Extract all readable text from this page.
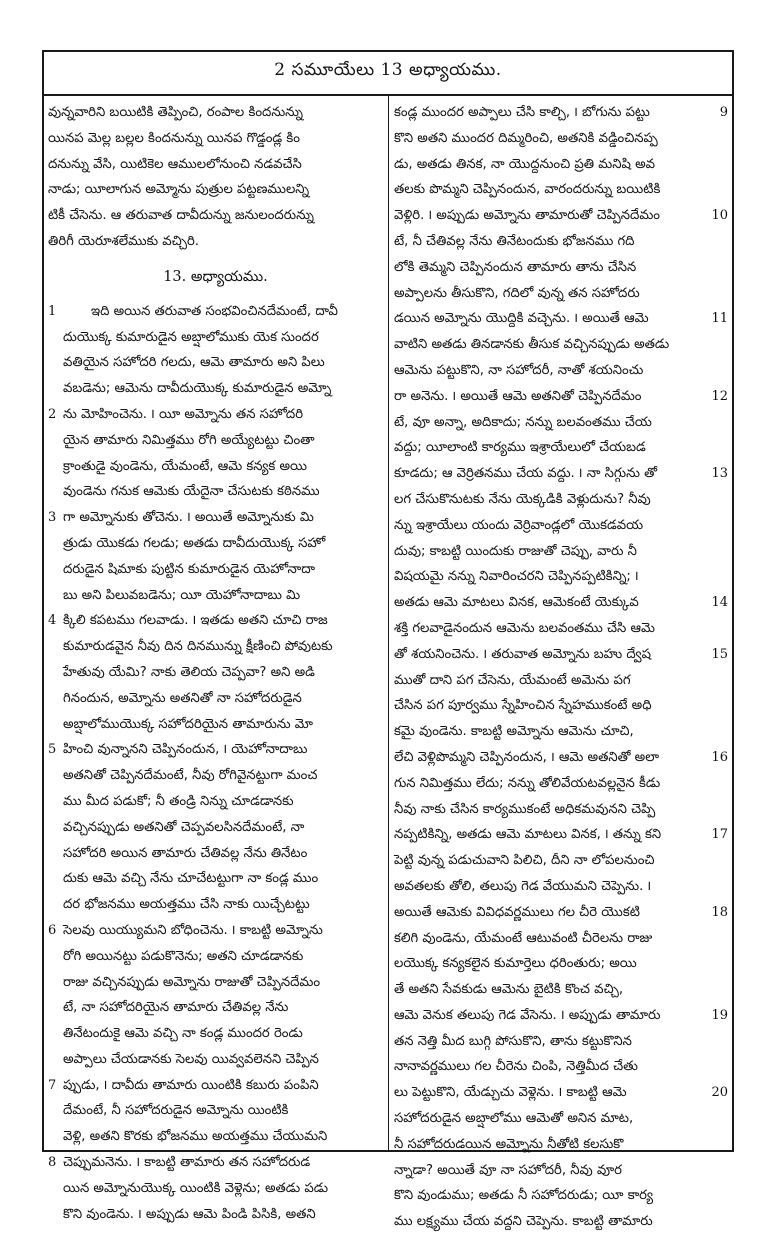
2 సమూయేలు 13 అధ్యాయము.
వున్నవారిని బయిటికి తెప్పించి, రంపాల కిందనున్ను
యినప మెల్ల బల్లల కిందనున్ను యినప గొడ్డండ్ల కిం
దనున్ను వేసి, యిటికెల ఆములలోనుంచి నడవచేసి
నాడు; యీలాగున అమ్మోను పుత్రుల పట్టణములన్ని
టికీ చేసెను. ఆ తరువాత దావీదున్ను జనులందరున్ను
తిరిగీ యెరూశలేముకు వచ్చిరి.
13. అధ్యాయము.
1	ఇది అయిన తరువాత సంభవించినదేమంటే, దావీ
దుయొక్క కుమారుడైన అబ్షాలోముకు యెక సుందర
వతియైన సహోదరి గలదు, ఆమె తామారు అని పిలు
వబడెను; ఆమెను దావీదుయొక్క కుమారుడైన అమ్నో
2 ను మోహించెను. ౹ యీ అమ్నోను తన సహోదరి
యైన తామారు నిమిత్తము రోగి అయ్యేటట్టు చింతా
క్రాంతుడై వుండెను, యేమంటే, ఆమె కన్యక అయి
వుండెను గనుక ఆమెకు యేదైనా చేసుటకు కఠినము
3 గా అమ్నోనుకు తోచెను. ౹ అయితే అమ్నోనుకు మి
త్రుడు యొకడు గలడు; అతడు దావీదుయొక్క సహో
దరుడైన షిమాకు పుట్టిన కుమారుడైన యెహోనాదా
బు అని పిలువబడెను; యీ యెహోనాదాబు మి
4 క్కిలి కపటము గలవాడు. ౹ ఇతడు అతని చూచి రాజ
కుమారుడవైన నీవు దిన దినమున్ను క్షీణించి పోవుటకు
హేతువు యేమి? నాకు తెలియ చెప్పవా? అని అడి
గినందున, అమ్నోను అతనితో నా సహోదరుడైన
అబ్షాలోముయొక్క సహోదరియైన తామారును మో
5 హించి వున్నానని చెప్పినందున, ౹ యెహోనాదాబు
అతనితో చెప్పినదేమంటే, నీవు రోగివైనట్టుగా మంచ
ము మీద పడుకో; నీ తండ్రి నిన్ను చూడడానకు
వచ్చినప్పుడు అతనితో చెప్పవలసినదేమంటే, నా
సహోదరి అయిన తామారు చేతివల్ల నేను తినేటం
దుకు ఆమె వచ్చి నేను చూచేటట్టుగా నా కండ్ల ముం
దర భోజనము అయత్తము చేసి నాకు యిచ్చేటట్టు
6 సెలవు యియ్యుమని బోధించెను. ౹ కాబట్టి అమ్నోను
రోగి అయినట్టు పడుకొనెను; అతని చూడడానకు
రాజు వచ్చినప్పుడు అమ్నోను రాజుతో చెప్పినదేమం
టే, నా సహోదరియైన తామారు చేతివల్ల నేను
తినేటందుకై ఆమె వచ్చి నా కండ్ల ముందర రెండు
అప్పాలు చేయడానకు సెలవు యివ్వవలెనని చెప్పిన
7 ప్పుడు, ౹ దావీదు తామారు యింటికి కబురు పంపిని
దేమంటే, నీ సహోదరుడైన అమ్నోను యింటికి
వెళ్లి, అతని కొరకు భోజనము అయత్తము చేయుమని
8 చెప్పుమనెను. ౹ కాబట్టి తామారు తన సహోదరుడ
యిన అమ్నోనుయొక్క యింటికి వెళ్లెను; అతడు పడు
కొని వుండెను. ౹ అప్పుడు ఆమె పిండి పిసికి, అతని
కండ్ల ముందర అప్పాలు చేసి కాల్చి, ౹ బోగును పట్టు	9
కొని అతని ముందర దిమ్మరించి, అతనికి వడ్డించినప్ప
డు, అతడు తినక, నా యొద్దనుంచి ప్రతి మనిషి అవ
తలకు పొమ్మని చెప్పినందున, వారందరున్ను బయిటికి
వెళ్లిరి. ౹ అప్పుడు అమ్నోను తామారుతో చెప్పినదేమం	10
టే, నీ చేతివల్ల నేను తినేటందుకు భోజనము గది
లోకి తెమ్మని చెప్పినందున తామారు తాను చేసిన
అప్పాలను తీసుకొని, గదిలో వున్న తన సహోదరు
డయిన అమ్నోను యొద్దికి వచ్చెను. ౹ అయితే ఆమె	11
వాటిని అతడు తినడానకు తీసుక వచ్చినప్పుడు అతడు
ఆమెను పట్టుకొని, నా సహోదరీ, నాతో శయనించు
రా అనెను. ౹ అయితే ఆమె అతనితో చెప్పినదేమం	12
టే, వూ అన్నా, అదికాదు; నన్ను బలవంతము చేయ
వద్దు; యీలాంటి కార్యము ఇశ్రాయేలులో చేయబడ
కూడదు; ఆ వెర్రితనము చేయ వద్దు. ౹ నా సిగ్గును తో	13
లగ చేసుకొనుటకు నేను యెక్కడికి వెళ్లుదును? నీవు
న్ను ఇశ్రాయేలు యందు వెర్రివాండ్లలో యొకడవయ
దువు; కాబట్టి యిందుకు రాజుతో చెప్పు, వారు నీ
విషయమై నన్ను నివారించరని చెప్పినప్పటికిన్ని; ౹
అతడు ఆమె మాటలు వినక, ఆమెకంటే యెక్కువ	14
శక్తి గలవాడైనందున ఆమెను బలవంతము చేసి ఆమె
తో శయనించెను. ౹ తరువాత అమ్నోను బహు ద్వేష	15
ముతో దాని పగ చేసెను, యేమంటే అమెను పగ
చేసిన పగ పూర్వము స్నేహించిన స్నేహముకంటే అధి
కమై వుండెను. కాబట్టి అమ్నోను ఆమెను చూచి,
లేచి వెళ్లిపొమ్మని చెప్పినందున, ౹ ఆమె అతనితో అలా	16
గున నిమిత్తము లేదు; నన్ను తోలివేయటవల్లనైన కీడు
నీవు నాకు చేసిన కార్యముకంటే అధికమవునని చెప్పి
నప్పటికిన్ని, అతడు ఆమె మాటలు వినక, ౹ తన్ను కని	17
పెట్టి వున్న పడుచువాని పిలిచి, దీని నా లోపలనుంచి
అవతలకు తోలి, తలుపు గెడ వేయుమని చెప్పెను. ౹
అయితే ఆమెకు వివిధవర్ణములు గల చీరె యొకటి	18
కలిగి వుండెను, యేమంటే ఆటువంటి చీరెలను రాజు
లయొక్క కన్యకలైన కుమార్తెలు ధరింతురు; అయి
తే అతని సేవకుడు ఆమెను బైటికి కొంచ వచ్చి,
ఆమె వెనుక తలుపు గెడ వేసెను. ౹ అప్పుడు తామారు	19
తన నెత్తి మీద బుగ్గి పోసుకొని, తాను కట్టుకొనిన
నానావర్ణములు గల చీరెను చింపి, నెత్తిమీద చేతు
లు పెట్టుకొని, యేడ్చుచు వెళ్లెను. ౹ కాబట్టి ఆమె	20
సహోదరుడైన అబ్షాలోము ఆమెతో అనిన మాట,
నీ సహోదరుడయిన అమ్నోను నీతోటి కలసుకొ
న్నాడా? అయితే వూ నా సహోదరీ, నీవు వూర
కొని వుండుము; అతడు నీ సహోదరుడు; యీ కార్య
ము లక్ష్యము చేయ వద్దని చెప్పెను. కాబట్టి తామారు
